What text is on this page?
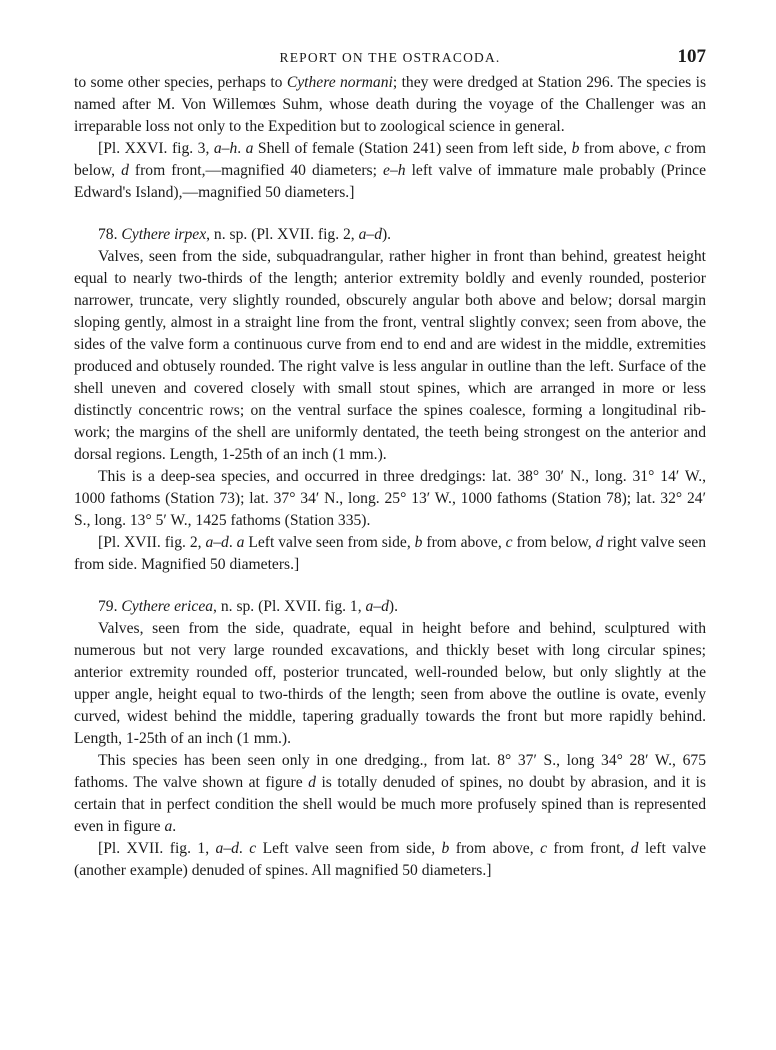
REPORT ON THE OSTRACODA.	107

to some other species, perhaps to Cythere normani; they were dredged at Station 296. The species is named after M. Von Willemœs Suhm, whose death during the voyage of the Challenger was an irreparable loss not only to the Expedition but to zoological science in general.

[Pl. XXVI. fig. 3, a–h. a Shell of female (Station 241) seen from left side, b from above, c from below, d from front,—magnified 40 diameters; e–h left valve of immature male probably (Prince Edward's Island),—magnified 50 diameters.]

78. Cythere irpex, n. sp. (Pl. XVII. fig. 2, a–d).

Valves, seen from the side, subquadrangular, rather higher in front than behind, greatest height equal to nearly two-thirds of the length; anterior extremity boldly and evenly rounded, posterior narrower, truncate, very slightly rounded, obscurely angular both above and below; dorsal margin sloping gently, almost in a straight line from the front, ventral slightly convex; seen from above, the sides of the valve form a continuous curve from end to end and are widest in the middle, extremities produced and obtusely rounded. The right valve is less angular in outline than the left. Surface of the shell uneven and covered closely with small stout spines, which are arranged in more or less distinctly concentric rows; on the ventral surface the spines coalesce, forming a longitudinal rib-work; the margins of the shell are uniformly dentated, the teeth being strongest on the anterior and dorsal regions. Length, 1-25th of an inch (1 mm.).

This is a deep-sea species, and occurred in three dredgings: lat. 38° 30′ N., long. 31° 14′ W., 1000 fathoms (Station 73); lat. 37° 34′ N., long. 25° 13′ W., 1000 fathoms (Station 78); lat. 32° 24′ S., long. 13° 5′ W., 1425 fathoms (Station 335).

[Pl. XVII. fig. 2, a–d. a Left valve seen from side, b from above, c from below, d right valve seen from side. Magnified 50 diameters.]

79. Cythere ericea, n. sp. (Pl. XVII. fig. 1, a–d).

Valves, seen from the side, quadrate, equal in height before and behind, sculptured with numerous but not very large rounded excavations, and thickly beset with long circular spines; anterior extremity rounded off, posterior truncated, well-rounded below, but only slightly at the upper angle, height equal to two-thirds of the length; seen from above the outline is ovate, evenly curved, widest behind the middle, tapering gradually towards the front but more rapidly behind. Length, 1-25th of an inch (1 mm.).

This species has been seen only in one dredging., from lat. 8° 37′ S., long 34° 28′ W., 675 fathoms. The valve shown at figure d is totally denuded of spines, no doubt by abrasion, and it is certain that in perfect condition the shell would be much more profusely spined than is represented even in figure a.

[Pl. XVII. fig. 1, a–d. c Left valve seen from side, b from above, c from front, d left valve (another example) denuded of spines. All magnified 50 diameters.]
